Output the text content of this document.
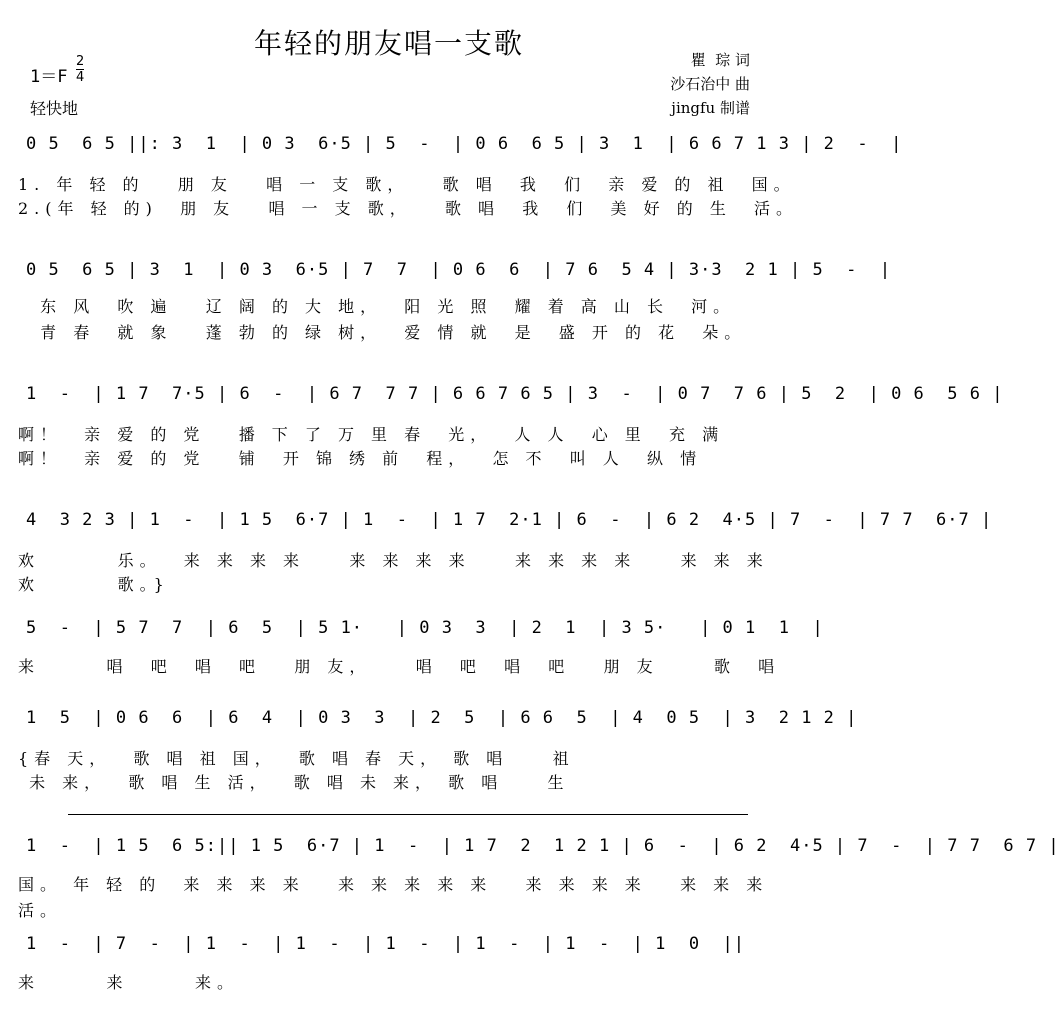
年轻的朋友唱一支歌
1＝F
2
4
轻快地
瞿  琮 词
沙石治中 曲
jingfu 制谱
0 5  6 5 ||: 3  1  | 0 3  6·5 | 5  -  | 0 6  6 5 | 3  1  | 6 6 7 1 3 | 2  -  |
1. 年 轻 的   朋 友   唱 一 支 歌，   歌 唱  我  们  亲 爱 的 祖  国。
2.(年 轻 的)  朋 友   唱 一 支 歌，   歌 唱  我  们  美 好 的 生  活。
0 5  6 5 | 3  1  | 0 3  6·5 | 7  7  | 0 6  6  | 7 6  5 4 | 3·3  2 1 | 5  -  |
东 风  吹 遍   辽 阔 的 大 地，  阳 光 照  耀 着 高 山 长  河。
青 春  就 象   蓬 勃 的 绿 树，  爱 情 就  是  盛 开 的 花  朵。
1  -  | 1 7  7·5 | 6  -  | 6 7  7 7 | 6 6 7 6 5 | 3  -  | 0 7  7 6 | 5  2  | 0 6  5 6 |
啊！  亲 爱 的 党   播 下 了 万 里 春  光，  人 人  心 里  充 满
啊！  亲 爱 的 党   铺  开 锦 绣 前  程，  怎 不  叫 人  纵 情
4  3 2 3 | 1  -  | 1 5  6·7 | 1  -  | 1 7  2·1 | 6  -  | 6 2  4·5 | 7  -  | 7 7  6·7 |
欢       乐。  来 来 来 来    来 来 来 来    来 来 来 来    来 来 来
欢       歌。}
5  -  | 5 7  7  | 6  5  | 5 1·   | 0 3  3  | 2  1  | 3 5·   | 0 1  1  |
来      唱  吧  唱  吧   朋 友，    唱  吧  唱  吧   朋 友     歌  唱
1  5  | 0 6  6  | 6  4  | 0 3  3  | 2  5  | 6 6  5  | 4  0 5  | 3  2 1 2 |
{春 天，  歌 唱 祖 国，  歌 唱 春 天， 歌 唱    祖
未 来，  歌 唱 生 活，  歌 唱 未 来， 歌 唱    生
1  -  | 1 5  6 5:|| 1 5  6·7 | 1  -  | 1 7  2  1 2 1 | 6  -  | 6 2  4·5 | 7  -  | 7 7  6 7 |
国。 年 轻 的  来 来 来 来   来 来 来 来 来   来 来 来 来   来 来 来
活。
1  -  | 7  -  | 1  -  | 1  -  | 1  -  | 1  -  | 1  -  | 1  0  ||
来      来      来。
